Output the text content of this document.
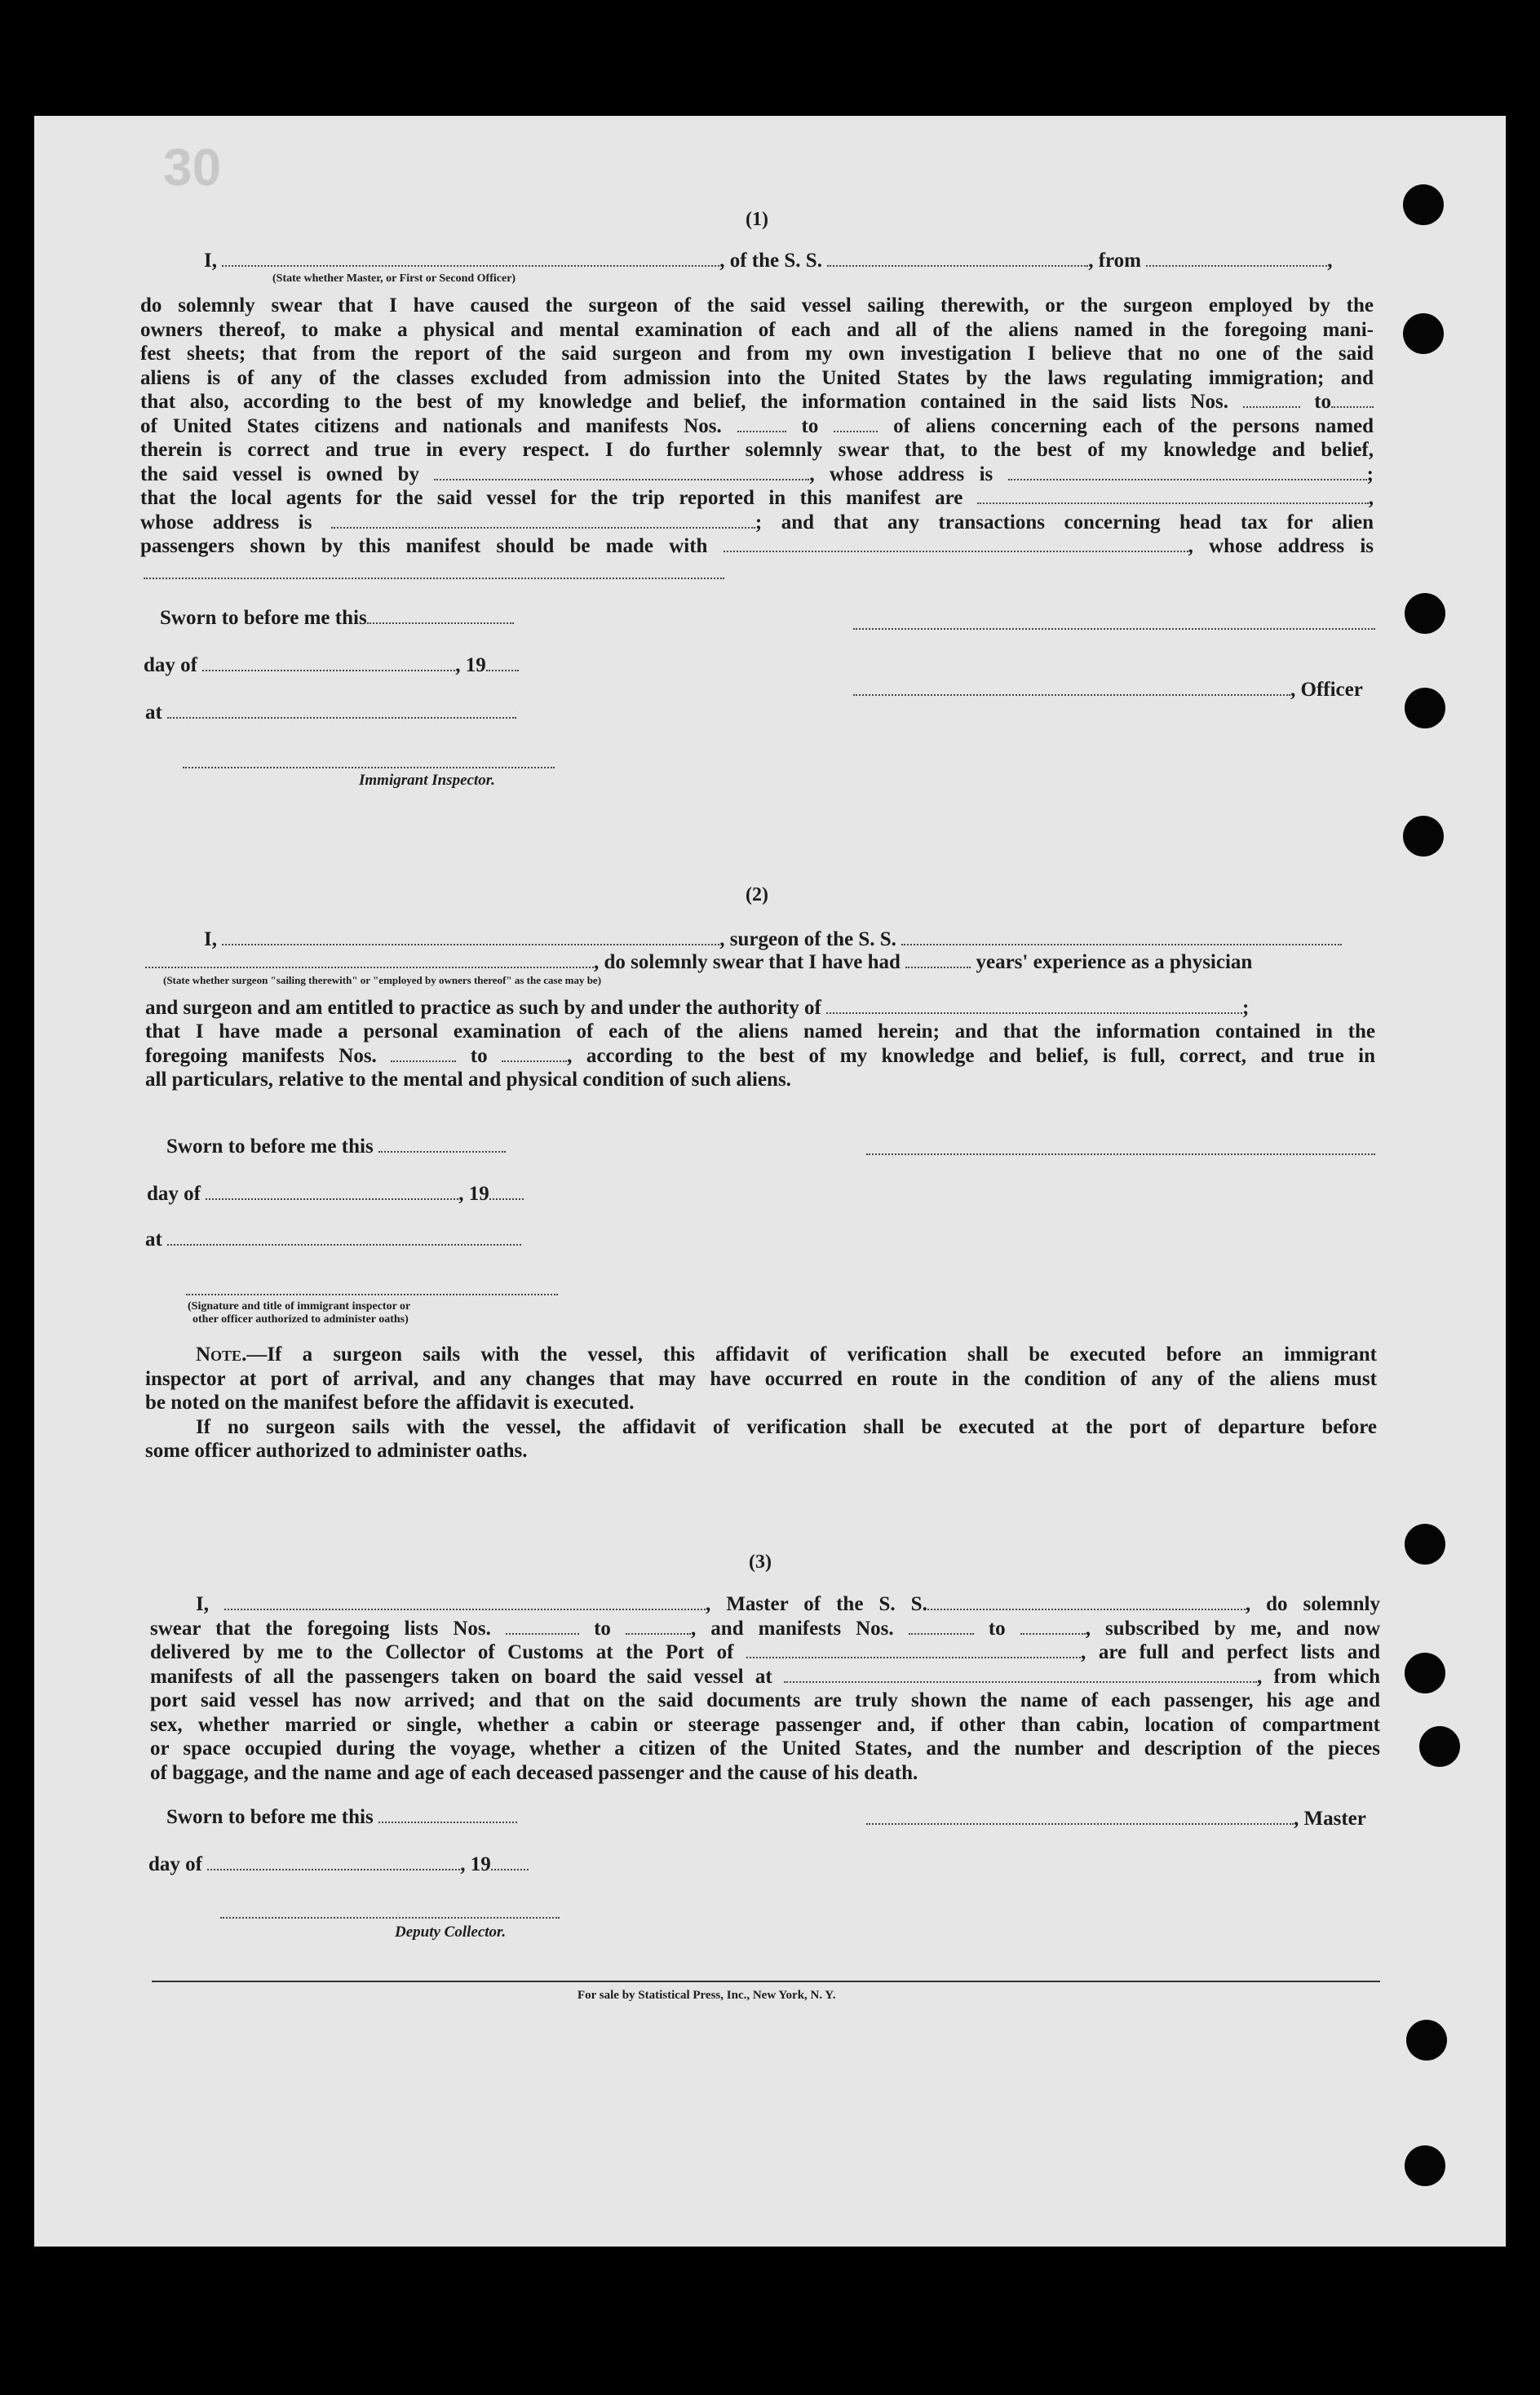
30
(1)
I,	, of the S. S.	, from	,
(State whether Master, or First or Second Officer)
do solemnly swear that I have caused the surgeon of the said vessel sailing therewith, or the surgeon employed by the
owners thereof, to make a physical and mental examination of each and all of the aliens named in the foregoing mani-
fest sheets; that from the report of the said surgeon and from my own investigation I believe that no one of the said
aliens is of any of the classes excluded from admission into the United States by the laws regulating immigration; and
that also, according to the best of my knowledge and belief, the information contained in the said lists Nos.	to
of United States citizens and nationals and manifests Nos.	to	of aliens concerning each of the persons named
therein is correct and true in every respect. I do further solemnly swear that, to the best of my knowledge and belief,
the said vessel is owned by	, whose address is	;
that the local agents for the said vessel for the trip reported in this manifest are	,
whose address is	; and that any transactions concerning head tax for alien
passengers shown by this manifest should be made with	, whose address is
Sworn to before me this
day of	, 19
, Officer
at
Immigrant Inspector.
(2)
I,	, surgeon of the S. S.
, do solemnly swear that I have had	years' experience as a physician
(State whether surgeon "sailing therewith" or "employed by owners thereof" as the case may be)
and surgeon and am entitled to practice as such by and under the authority of	;
that I have made a personal examination of each of the aliens named herein; and that the information contained in the
foregoing manifests Nos.	to	, according to the best of my knowledge and belief, is full, correct, and true in
all particulars, relative to the mental and physical condition of such aliens.
Sworn to before me this
day of	, 19
at
(Signature and title of immigrant inspector or
other officer authorized to administer oaths)
Note.—If a surgeon sails with the vessel, this affidavit of verification shall be executed before an immigrant
inspector at port of arrival, and any changes that may have occurred en route in the condition of any of the aliens must
be noted on the manifest before the affidavit is executed.
If no surgeon sails with the vessel, the affidavit of verification shall be executed at the port of departure before
some officer authorized to administer oaths.
(3)
I,	, Master of the S. S.	, do solemnly
swear that the foregoing lists Nos.	to	, and manifests Nos.	to	, subscribed by me, and now
delivered by me to the Collector of Customs at the Port of	, are full and perfect lists and
manifests of all the passengers taken on board the said vessel at	, from which
port said vessel has now arrived; and that on the said documents are truly shown the name of each passenger, his age and
sex, whether married or single, whether a cabin or steerage passenger and, if other than cabin, location of compartment
or space occupied during the voyage, whether a citizen of the United States, and the number and description of the pieces
of baggage, and the name and age of each deceased passenger and the cause of his death.
Sworn to before me this	, Master
day of	, 19
Deputy Collector.
For sale by Statistical Press, Inc., New York, N. Y.
